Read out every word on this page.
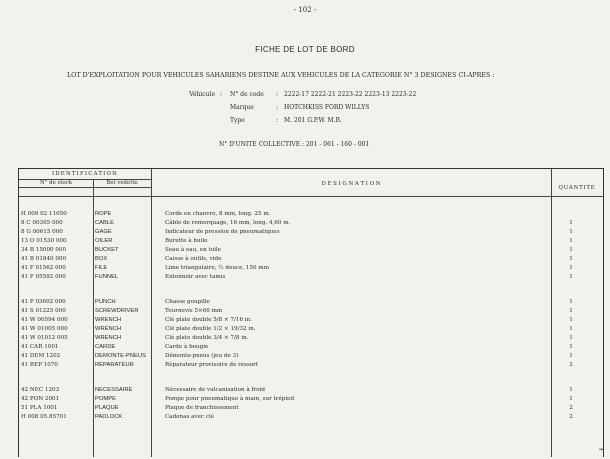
- 102 -
FICHE DE LOT DE BORD
LOT D'EXPLOITATION POUR VEHICULES SAHARIENS DESTINE AUX VEHICULES DE LA CATEGORIE N° 3 DESIGNES CI-APRES :
Véhicule : N° de code : 2222-17 2222-21 2223-22 2223-13 2223-22
Marque	: HOTCHKISS FORD WILLYS
Type	: M. 201 G.P.W. M.B.
N° D'UNITE COLLECTIVE : 201 - 061 - 160 - 001
IDENTIFICATION
N° de stock	Bet vedette	D E S I G N A T I O N
QUANTITE
H 009 02 11050	ROPE	Corde en chanvre, 8 mm, long. 25 m.
8 C 00305 000	CABLE	Câble de remorquage, 16 mm, long. 4,60 m.	1
8 G 00615 000	GAGE	Indicateur de pression de pneumatiques	1
13 O 01530 000	OILER	Burette à huile	1
34 B 15000 000	BUCKET	Seau à eau, en toile	1
41 B 01840 000	BOX	Caisse à outils, vide	1
41 F 01562 000	FILE	Lime triangulaire, ½ douce, 150 mm	1
41 F 05592 000	FUNNEL	Entonnoir avec tamis	1
41 P 03602 000	PUNCH	Chasse goupille	1
41 S 01225 000	SCREWDRIVER	Tournevis 5×60 mm	1
41 W 00594 000	WRENCH	Clé plate double 5/8 × 7/16 in.	1
41 W 01005 000	WRENCH	Clé plate double 1/2 × 19/32 in.	1
41 W 01012 005	WRENCH	Clé plate double 3/4 × 7/8 in.	1
41 CAR 1001	CARDE	Carde à bougie	1
41 DEM 1202	DEMONTE-PNEUS	Démonte-pneus (jeu de 3)	1
41 REP 1070	REPARATEUR	Réparateur provisoire de ressort	2
42 NEC 1203	NECESSAIRE	Nécessaire de vulcanisation à froid	1
42 PON 2001	POMPE	Pompe pour pneumatique à main, sur trépied	1
51 PLA 1001	PLAQUE	Plaque de franchissement	2
H 008 05 85701	PADLOCK	Cadenas avec clé	2
⌁
